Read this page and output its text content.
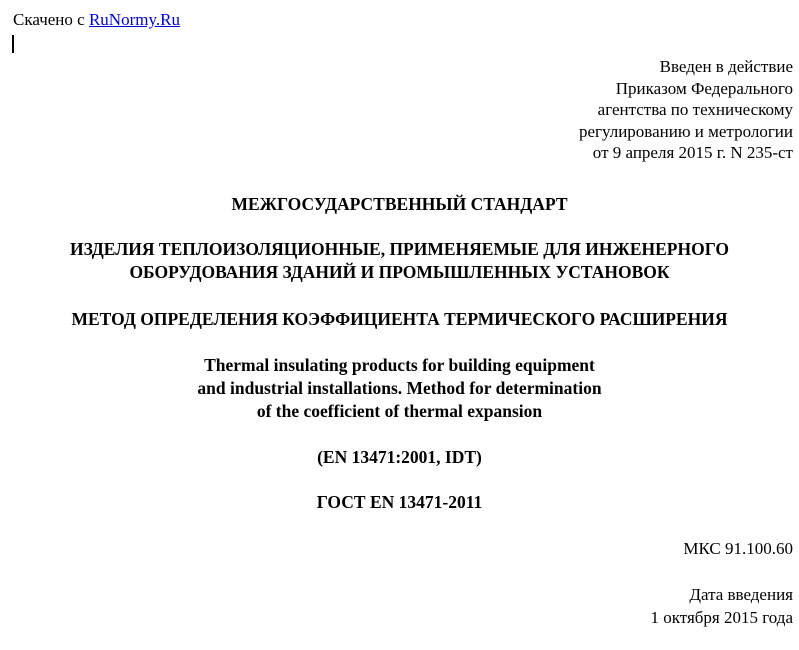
Скачено с RuNormy.Ru
Введен в действие
Приказом Федерального
агентства по техническому
регулированию и метрологии
от 9 апреля 2015 г. N 235-ст
МЕЖГОСУДАРСТВЕННЫЙ СТАНДАРТ
ИЗДЕЛИЯ ТЕПЛОИЗОЛЯЦИОННЫЕ, ПРИМЕНЯЕМЫЕ ДЛЯ ИНЖЕНЕРНОГО
ОБОРУДОВАНИЯ ЗДАНИЙ И ПРОМЫШЛЕННЫХ УСТАНОВОК
МЕТОД ОПРЕДЕЛЕНИЯ КОЭФФИЦИЕНТА ТЕРМИЧЕСКОГО РАСШИРЕНИЯ
Thermal insulating products for building equipment
and industrial installations. Method for determination
of the coefficient of thermal expansion
(EN 13471:2001, IDT)
ГОСТ EN 13471-2011
МКС 91.100.60
Дата введения
1 октября 2015 года
